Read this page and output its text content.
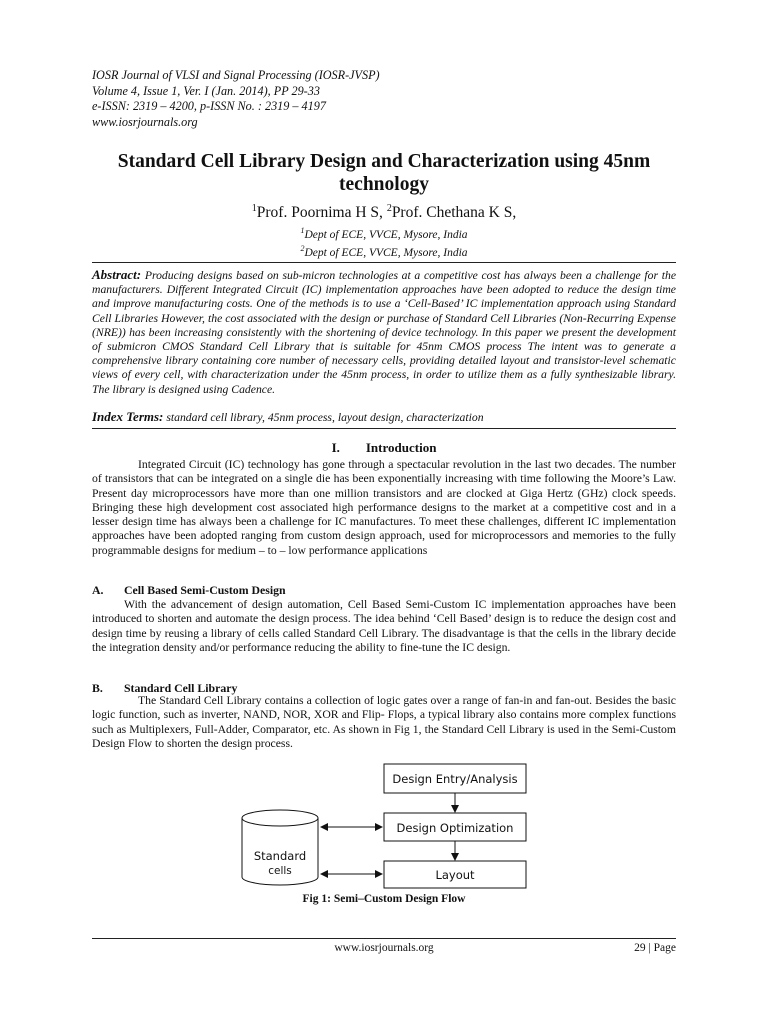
IOSR Journal of VLSI and Signal Processing (IOSR-JVSP)
Volume 4, Issue 1, Ver. I (Jan. 2014), PP 29-33
e-ISSN: 2319 – 4200, p-ISSN No. : 2319 – 4197
www.iosrjournals.org
Standard Cell Library Design and Characterization using 45nm
technology
$^1$Prof. Poornima H S, $^2$Prof. Chethana K S,
$^1$Dept of ECE, VVCE, Mysore, India
$^2$Dept of ECE, VVCE, Mysore, India
Abstract: Producing designs based on sub-micron technologies at a competitive cost has always been a challenge for the manufacturers. Different Integrated Circuit (IC) implementation approaches have been adopted to reduce the design time and improve manufacturing costs. One of the methods is to use a ‘Cell-Based’ IC implementation approach using Standard Cell Libraries However, the cost associated with the design or purchase of Standard Cell Libraries (Non-Recurring Expense (NRE)) has been increasing consistently with the shortening of device technology. In this paper we present the development of submicron CMOS Standard Cell Library that is suitable for 45nm CMOS process The intent was to generate a comprehensive library containing core number of necessary cells, providing detailed layout and transistor-level schematic views of every cell, with characterization under the 45nm process, in order to utilize them as a fully synthesizable library. The library is designed using Cadence.
Index Terms: standard cell library, 45nm process, layout design, characterization
I. Introduction
Integrated Circuit (IC) technology has gone through a spectacular revolution in the last two decades. The number of transistors that can be integrated on a single die has been exponentially increasing with time following the Moore’s Law. Present day microprocessors have more than one million transistors and are clocked at Giga Hertz (GHz) clock speeds. Bringing these high development cost associated high performance designs to the market at a competitive cost and in a lesser design time has always been a challenge for IC manufactures. To meet these challenges, different IC implementation approaches have been adopted ranging from custom design approach, used for microprocessors and memories to the fully programmable designs for medium – to – low performance applications
A. Cell Based Semi-Custom Design
With the advancement of design automation, Cell Based Semi-Custom IC implementation approaches have been introduced to shorten and automate the design process. The idea behind ‘Cell Based’ design is to reduce the design cost and design time by reusing a library of cells called Standard Cell Library. The disadvantage is that the cells in the library decide the integration density and/or performance reducing the ability to fine-tune the IC design.
B. Standard Cell Library
The Standard Cell Library contains a collection of logic gates over a range of fan-in and fan-out. Besides the basic logic function, such as inverter, NAND, NOR, XOR and Flip- Flops, a typical library also contains more complex functions such as Multiplexers, Full-Adder, Comparator, etc. As shown in Fig 1, the Standard Cell Library is used in the Semi-Custom Design Flow to shorten the design process.
Design Entry/Analysis
Design Optimization
Layout
Standard
cells
Fig 1: Semi–Custom Design Flow
www.iosrjournals.org	29 | Page
